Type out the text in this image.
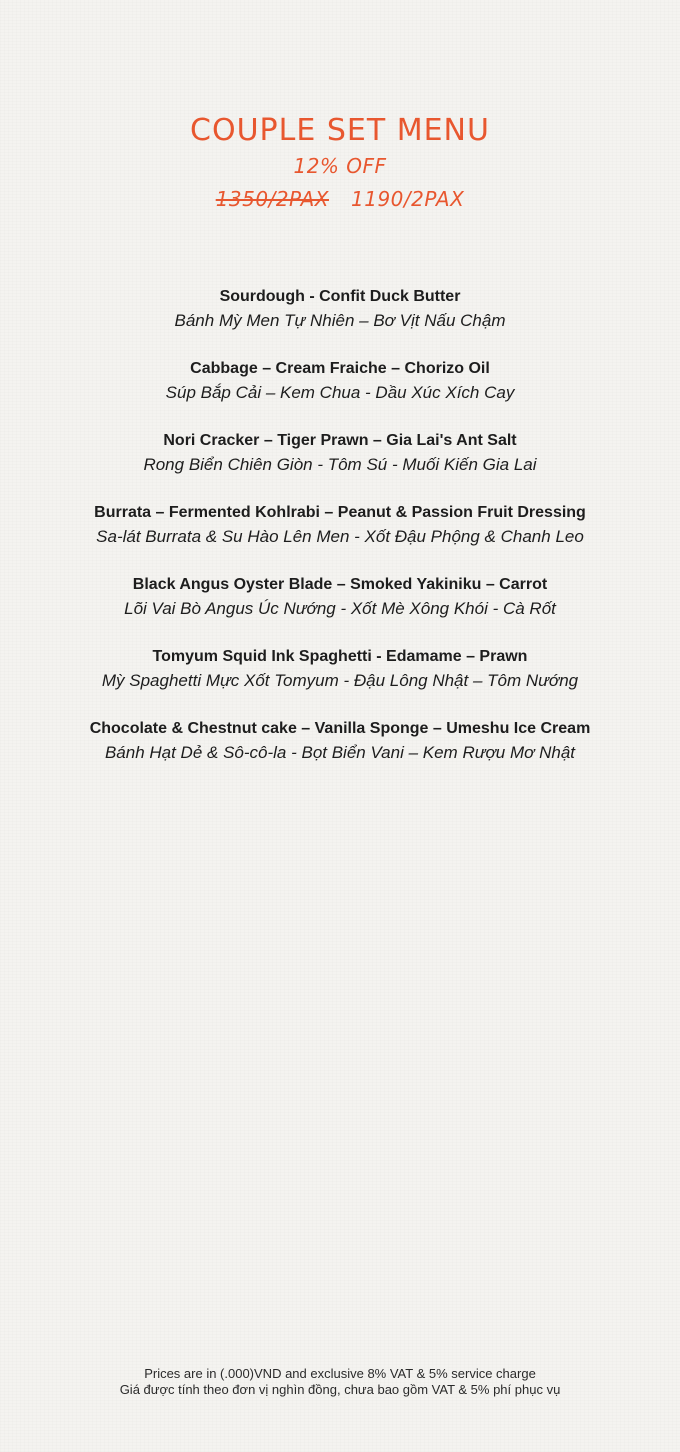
COUPLE SET MENU
12% OFF
1350/2PAX 1190/2PAX
Sourdough - Confit Duck Butter
Bánh Mỳ Men Tự Nhiên – Bơ Vịt Nấu Chậm
Cabbage – Cream Fraiche – Chorizo Oil
Súp Bắp Cải – Kem Chua - Dầu Xúc Xích Cay
Nori Cracker – Tiger Prawn – Gia Lai's Ant Salt
Rong Biển Chiên Giòn - Tôm Sú - Muối Kiến Gia Lai
Burrata – Fermented Kohlrabi – Peanut & Passion Fruit Dressing
Sa-lát Burrata & Su Hào Lên Men - Xốt Đậu Phộng & Chanh Leo
Black Angus Oyster Blade – Smoked Yakiniku – Carrot
Lõi Vai Bò Angus Úc Nướng - Xốt Mè Xông Khói - Cà Rốt
Tomyum Squid Ink Spaghetti - Edamame – Prawn
Mỳ Spaghetti Mực Xốt Tomyum - Đậu Lông Nhật – Tôm Nướng
Chocolate & Chestnut cake – Vanilla Sponge – Umeshu Ice Cream
Bánh Hạt Dẻ & Sô-cô-la - Bọt Biển Vani – Kem Rượu Mơ Nhật
Prices are in (.000)VND and exclusive 8% VAT & 5% service charge
Giá được tính theo đơn vị nghìn đồng, chưa bao gồm VAT & 5% phí phục vụ
